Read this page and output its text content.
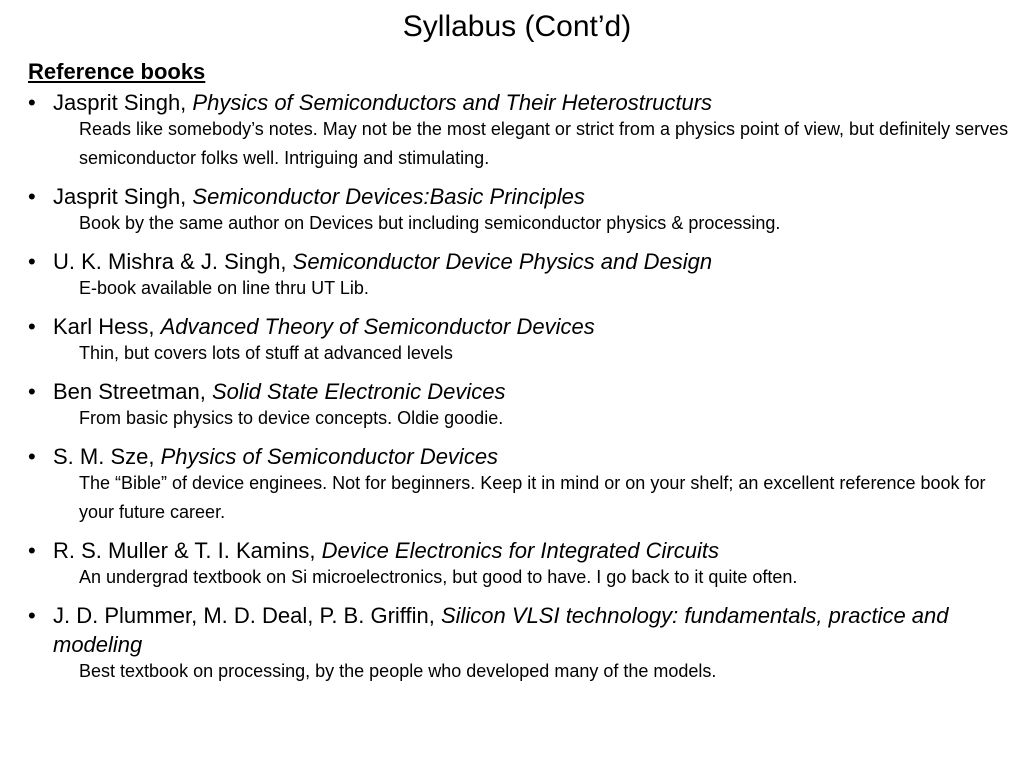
Syllabus (Cont’d)
Reference books
• Jasprit Singh, Physics of Semiconductors and Their Heterostructurs
Reads like somebody’s notes. May not be the most elegant or strict from a physics point of view, but definitely serves semiconductor folks well. Intriguing and stimulating.
• Jasprit Singh, Semiconductor Devices:Basic Principles
Book by the same author on Devices but including semiconductor physics & processing.
• U. K. Mishra & J. Singh, Semiconductor Device Physics and Design
E-book available on line thru UT Lib.
• Karl Hess, Advanced Theory of Semiconductor Devices
Thin, but covers lots of stuff at advanced levels
• Ben Streetman, Solid State Electronic Devices
From basic physics to device concepts. Oldie goodie.
• S. M. Sze, Physics of Semiconductor Devices
The “Bible” of device enginees. Not for beginners. Keep it in mind or on your shelf; an excellent reference book for your future career.
• R. S. Muller & T. I. Kamins, Device Electronics for Integrated Circuits
An undergrad textbook on Si microelectronics, but good to have. I go back to it quite often.
• J. D. Plummer, M. D. Deal, P. B. Griffin, Silicon VLSI technology: fundamentals, practice and modeling
Best textbook on processing, by the people who developed many of the models.
